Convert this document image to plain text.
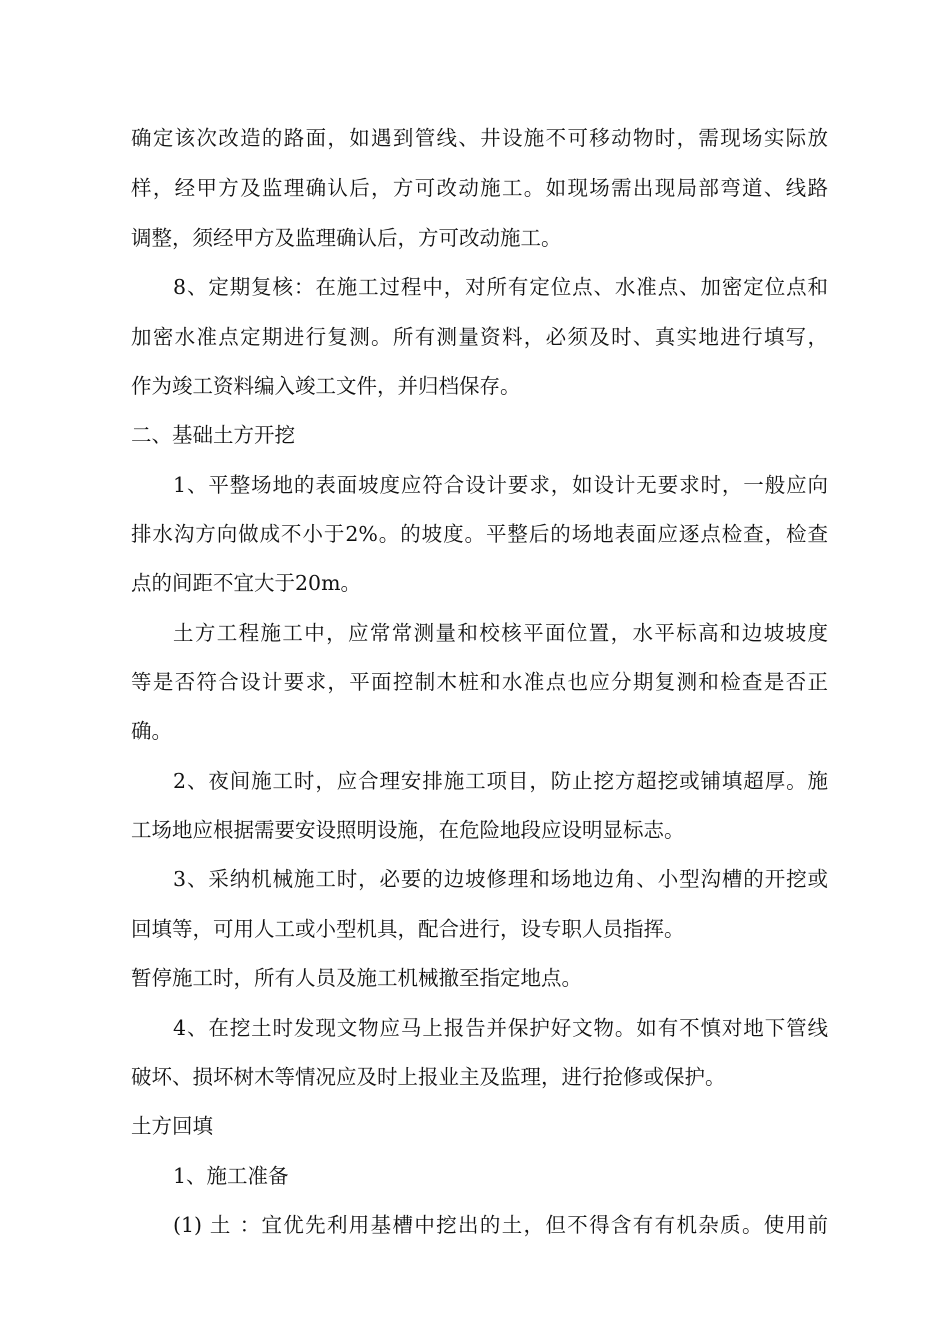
确定该次改造的路面，如遇到管线、井设施不可移动物时，需现场实际放

样，经甲方及监理确认后，方可改动施工。如现场需出现局部弯道、线路

调整，须经甲方及监理确认后，方可改动施工。

8、定期复核：在施工过程中，对所有定位点、水准点、加密定位点和

加密水准点定期进行复测。所有测量资料，必须及时、真实地进行填写，

作为竣工资料编入竣工文件，并归档保存。

二、基础土方开挖

1、平整场地的表面坡度应符合设计要求，如设计无要求时，一般应向

排水沟方向做成不小于2%。的坡度。平整后的场地表面应逐点检查，检查

点的间距不宜大于20m。

土方工程施工中，应常常测量和校核平面位置，水平标高和边坡坡度

等是否符合设计要求，平面控制木桩和水准点也应分期复测和检查是否正

确。

2、夜间施工时，应合理安排施工项目，防止挖方超挖或铺填超厚。施

工场地应根据需要安设照明设施，在危险地段应设明显标志。

3、采纳机械施工时，必要的边坡修理和场地边角、小型沟槽的开挖或

回填等，可用人工或小型机具，配合进行，设专职人员指挥。

暂停施工时，所有人员及施工机械撤至指定地点。

4、在挖土时发现文物应马上报告并保护好文物。如有不慎对地下管线

破坏、损坏树木等情况应及时上报业主及监理，进行抢修或保护。

土方回填

1、施工准备

(1) 土 ：宜优先利用基槽中挖出的土，但不得含有有机杂质。使用前
